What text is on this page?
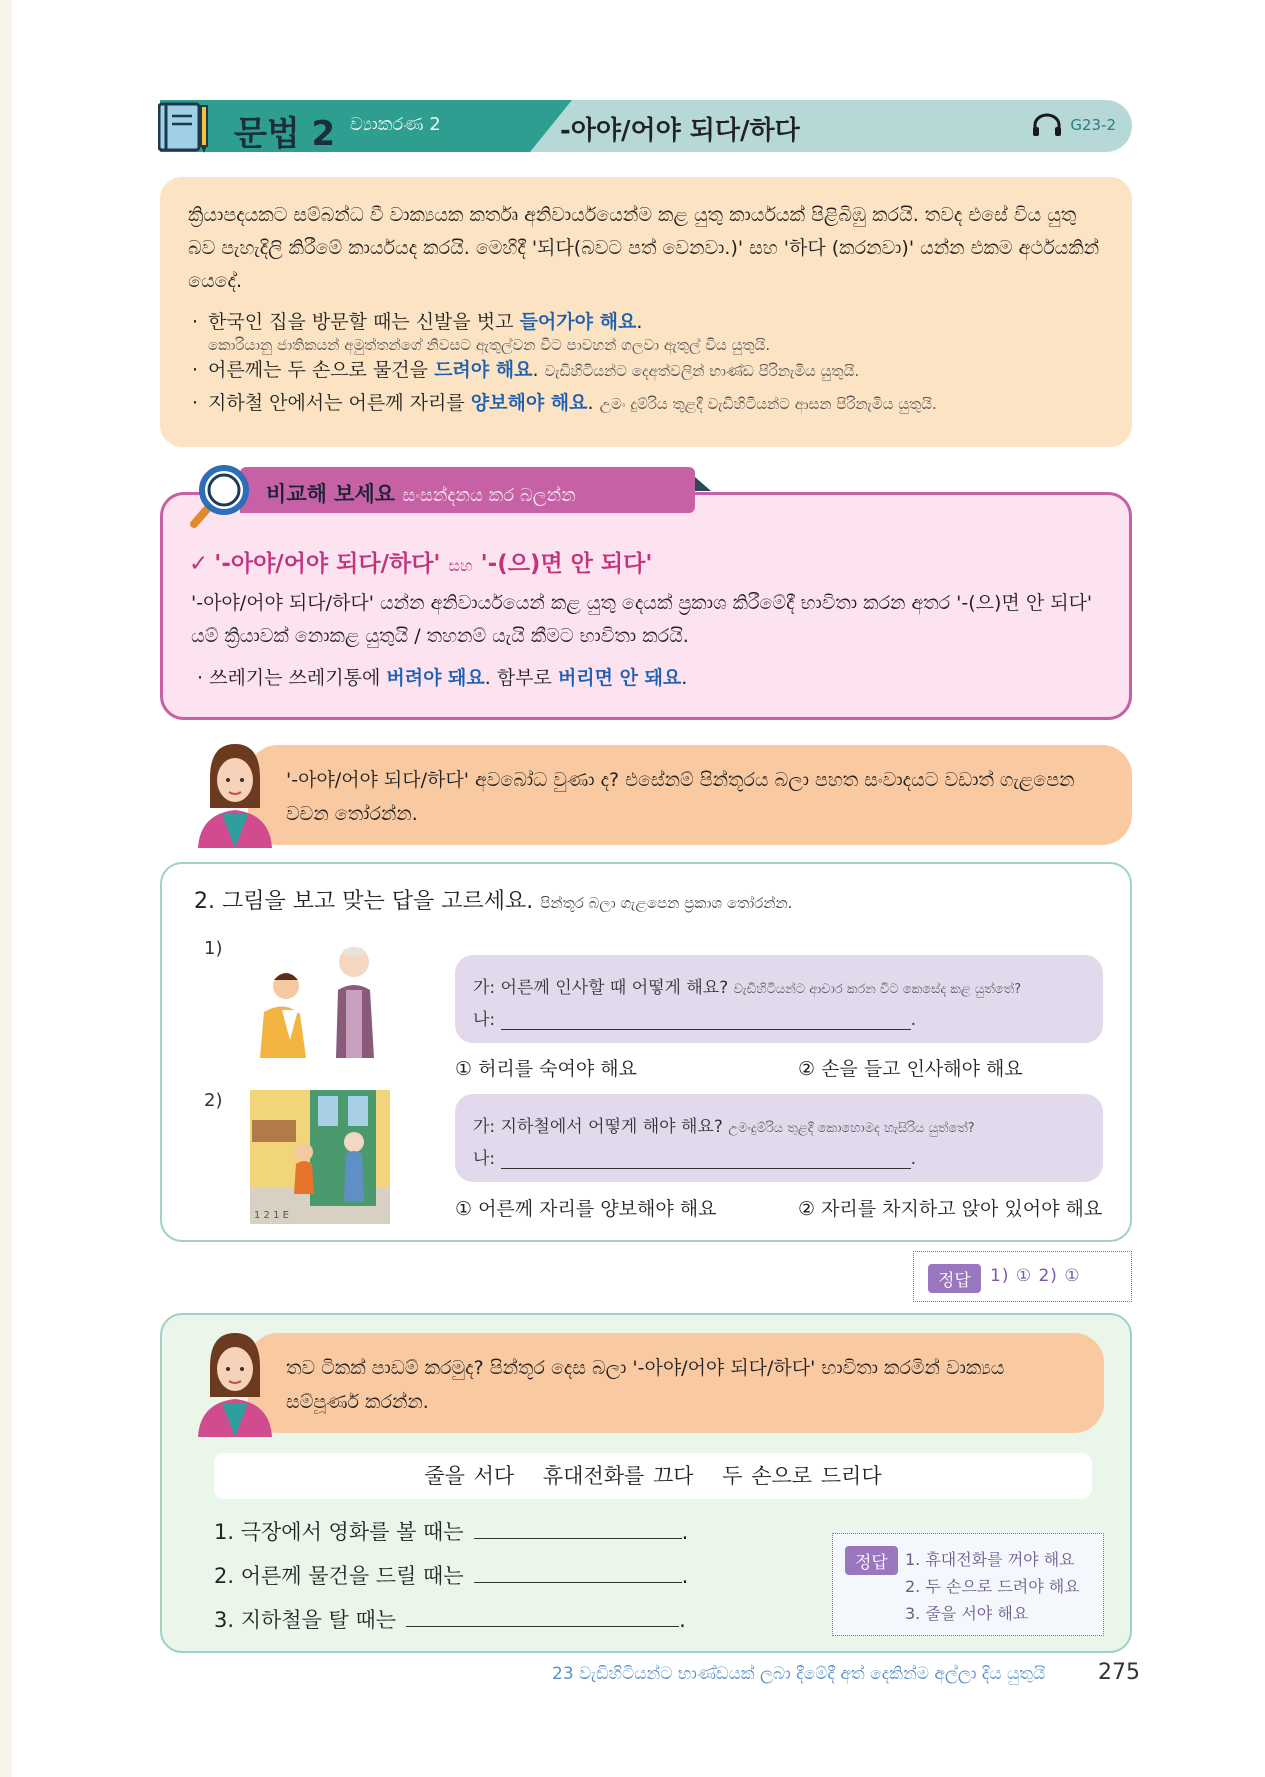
문법 2 ව්‍යාකරණ 2	-아야/어야 되다/하다	G23-2

ක්‍රියාපදයකට සම්බන්ධ වී වාක්‍යයක කර්තෘ අනිවාර්යයෙන්ම කළ යුතු කාර්යයක් පිළිබිඹු කරයි. තවද එසේ විය යුතු බව පැහැදිලි කිරීමේ කාර්යයද කරයි. මෙහිදී '되다(බවට පත් වෙනවා.)' සහ '하다 (කරනවා)' යන්න එකම අර්ථයකින් යෙදේ.

· 한국인 집을 방문할 때는 신발을 벗고 들어가야 해요.
කොරියානු ජාතිකයන් අමුත්තන්ගේ නිවසට ඇතුල්වන විට පාවහන් ගලවා ඇතුල් විය යුතුයි.
· 어른께는 두 손으로 물건을 드려야 해요. වැඩිහිටියන්ට දෙඅත්වලින් භාණ්ඩ පිරිනැමිය යුතුයි.
· 지하철 안에서는 어른께 자리를 양보해야 해요. උමං දුම්රිය තුළදී වැඩිහිටියන්ට ආසන පිරිනැමිය යුතුයි.
✓ '-아야/어야 되다/하다' සහ '-(으)면 안 되다'
'-아야/어야 되다/하다' යන්න අනිවාර්යයෙන් කළ යුතු දෙයක් ප්‍රකාශ කිරීමේදී භාවිතා කරන අතර '-(으)면 안 되다' යම් ක්‍රියාවක් නොකළ යුතුයි / තහනම් යැයි කීමට භාවිතා කරයි.
· 쓰레기는 쓰레기통에 버려야 돼요. 함부로 버리면 안 돼요.
비교해 보세요 සංසන්දනය කර බලන්න
'-아야/어야 되다/하다' අවබෝධ වුණා ද? එසේනම් පින්තූරය බලා පහත සංවාදයට වඩාත් ගැළපෙන වචන තෝරන්න.
2. 그림을 보고 맞는 답을 고르세요. පින්තූර බලා ගැළපෙන ප්‍රකාශ තෝරන්න.
1)
가: 어른께 인사할 때 어떻게 해요? වැඩිහිටියන්ට ආචාර කරන විට කෙසේද කළ යුත්තේ?
나:	.
① 허리를 숙여야 해요	② 손을 들고 인사해야 해요
2)
1 2 1 E
가: 지하철에서 어떻게 해야 해요? උමංදුම්රිය තුළදී කොහොමද හැසිරිය යුත්තේ?
나:	.
① 어른께 자리를 양보해야 해요	② 자리를 차지하고 앉아 있어야 해요
정답	1) ① 2) ①
තව ටිකක් පාඩම් කරමුද? පින්තූර දෙස බලා '-아야/어야 되다/하다' භාවිතා කරමින් වාක්‍යය සම්පූර්ණ කරන්න.
줄을 서다 휴대전화를 끄다 두 손으로 드리다
1. 극장에서 영화를 볼 때는	.
2. 어른께 물건을 드릴 때는	.
3. 지하철을 탈 때는	.
정답	1. 휴대전화를 꺼야 해요
2. 두 손으로 드려야 해요
3. 줄을 서야 해요
23 වැඩිහිටියන්ට භාණ්ඩයක් ලබා දීමේදී අත් දෙකින්ම අල්ලා දිය යුතුයි 275
